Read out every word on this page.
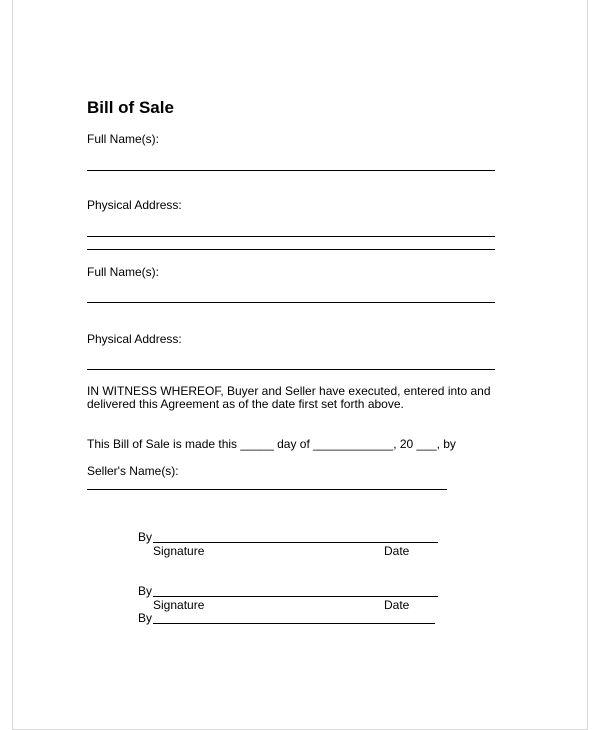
Bill of Sale
Full Name(s):
Physical Address:
Full Name(s):
Physical Address:
IN WITNESS WHEREOF, Buyer and Seller have executed, entered into and
delivered this Agreement as of the date first set forth above.
This Bill of Sale is made this _____ day of ____________, 20 ___, by
Seller's Name(s):
By
Signature	Date
By
Signature	Date
By
